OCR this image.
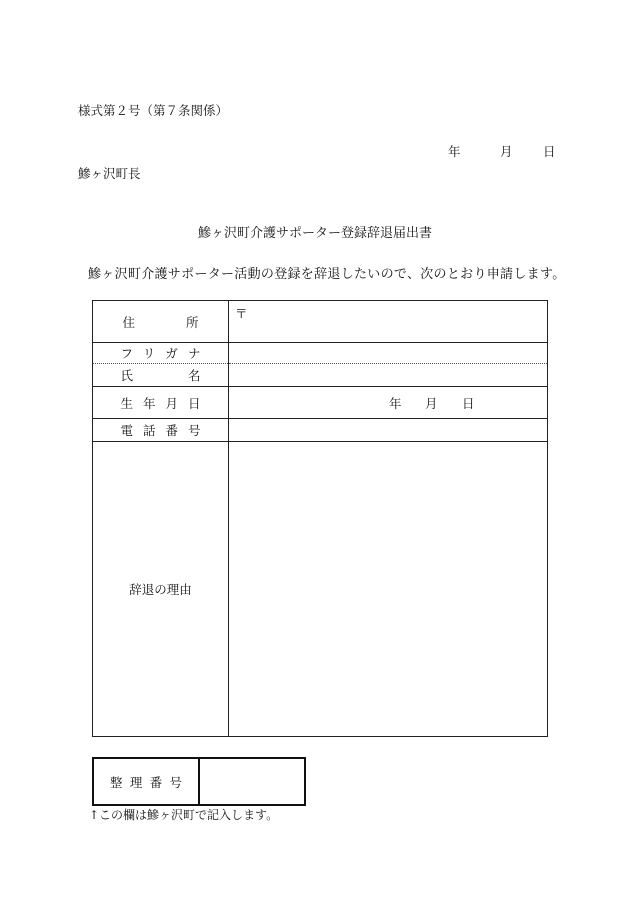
様式第２号（第７条関係）
年	月 日
鰺ヶ沢町長
鰺ヶ沢町介護サポーター登録辞退届出書
鰺ヶ沢町介護サポーター活動の登録を辞退したいので、次のとおり申請します。
住所	〒
フリガナ	
氏名	
生年月日	年 月 日
電話番号	
辞退の理由	
整理番号	
↑この欄は鰺ヶ沢町で記入します。
